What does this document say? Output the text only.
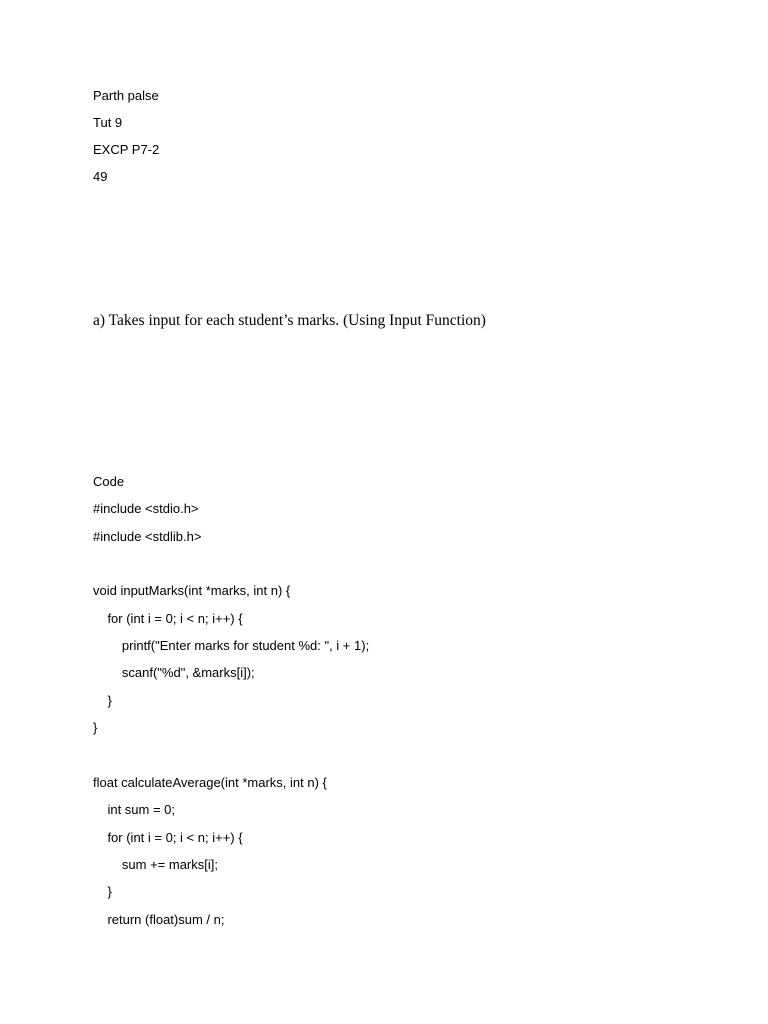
Parth palse

Tut 9

EXCP P7-2

49

a) Takes input for each student’s marks. (Using Input Function)

Code

#include <stdio.h>

#include <stdlib.h>

void inputMarks(int *marks, int n) {

for (int i = 0; i < n; i++) {

printf("Enter marks for student %d: ", i + 1);

scanf("%d", &marks[i]);

}

}

float calculateAverage(int *marks, int n) {

int sum = 0;

for (int i = 0; i < n; i++) {

sum += marks[i];

}

return (float)sum / n;
